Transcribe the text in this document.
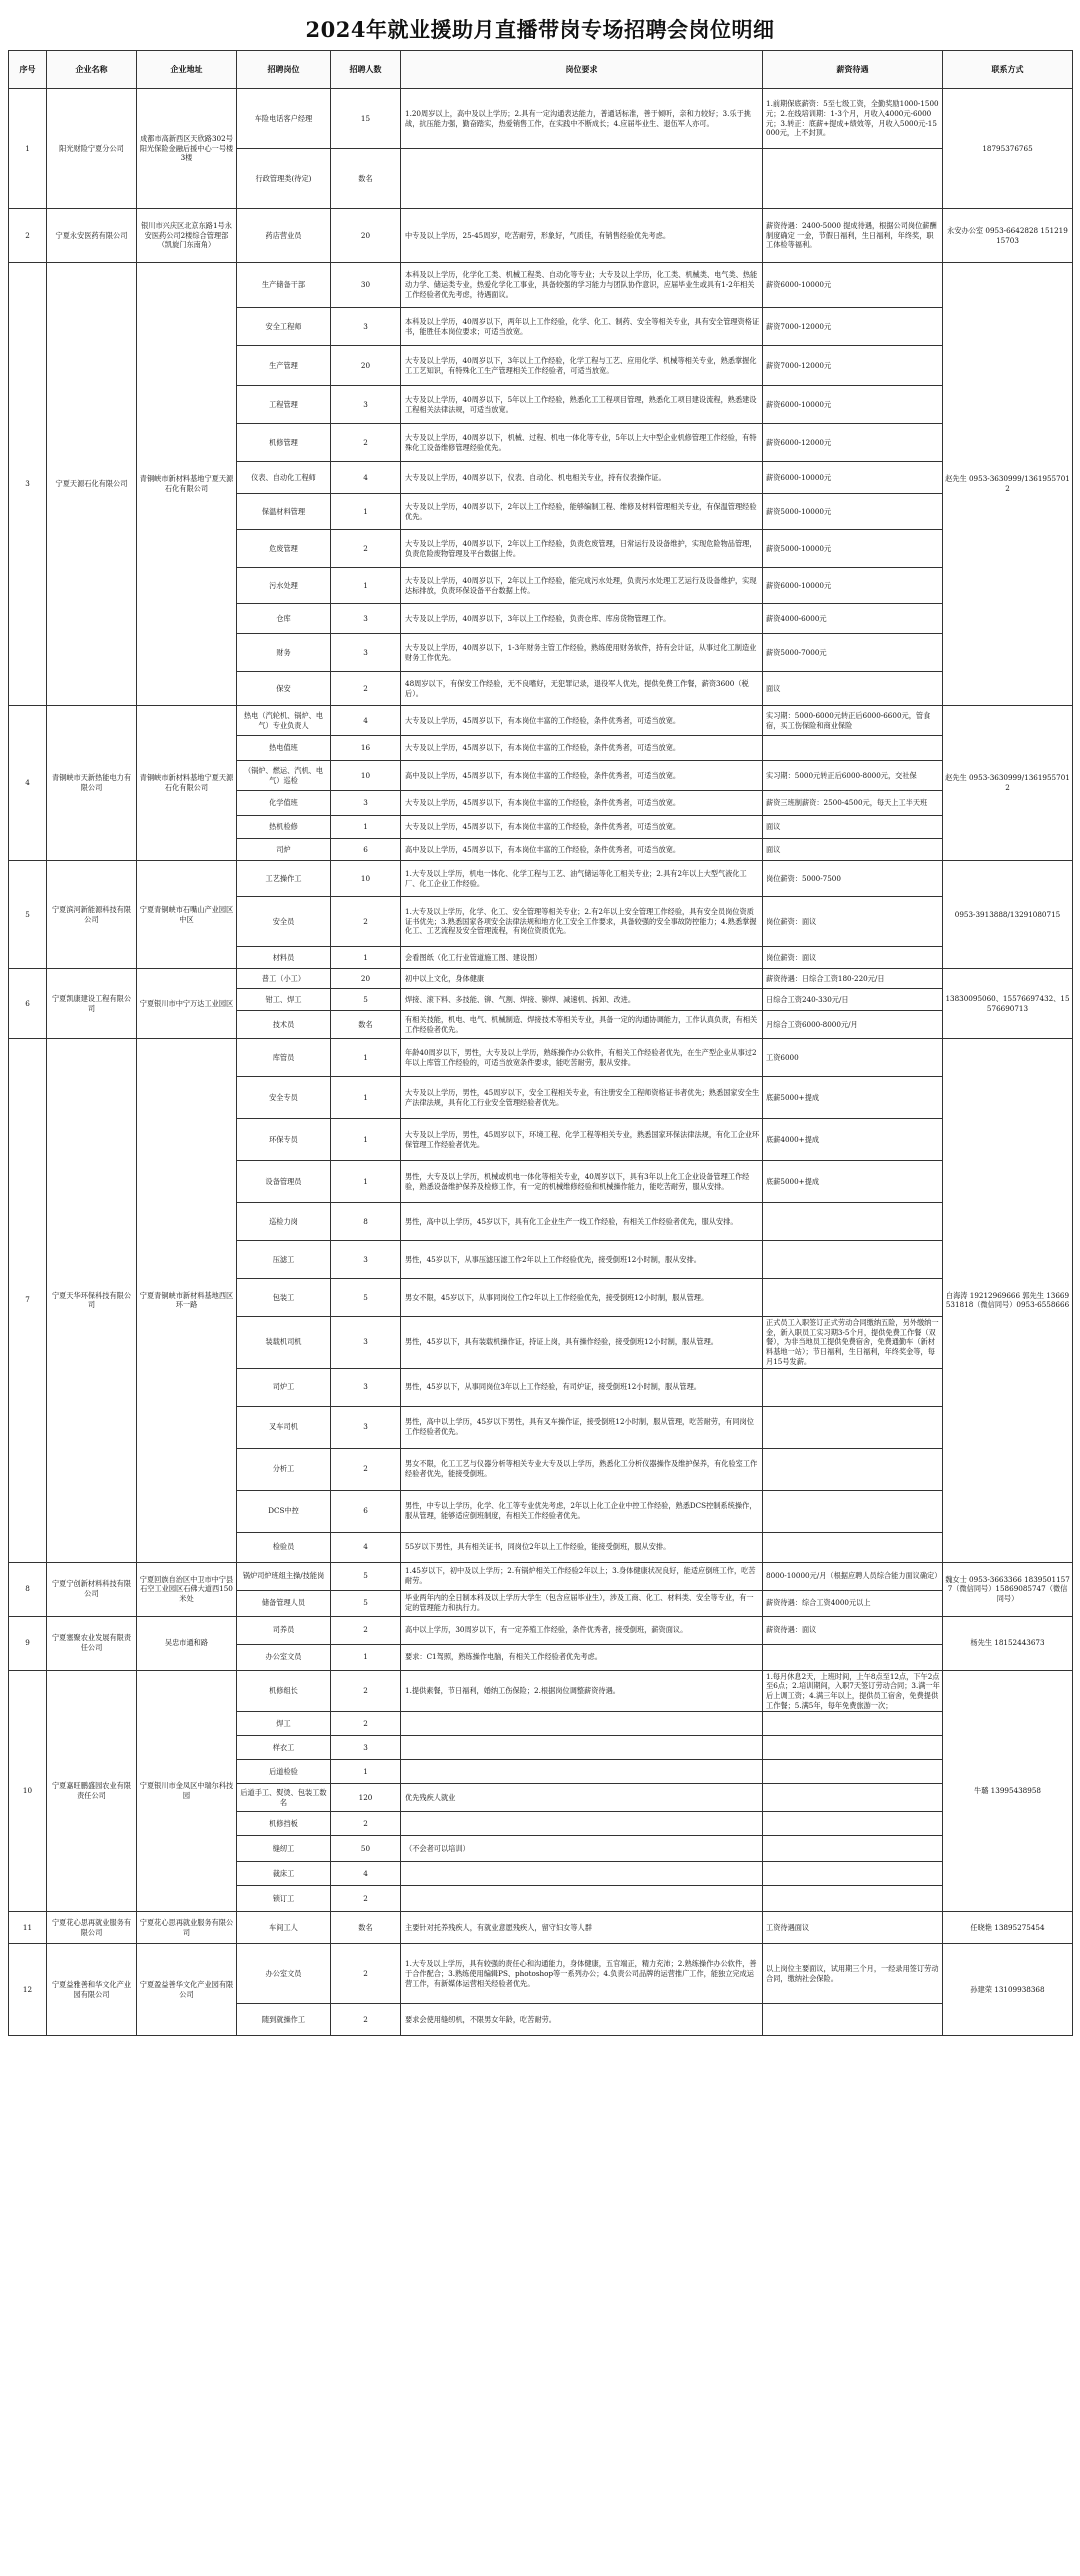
2024年就业援助月直播带岗专场招聘会岗位明细
序号	企业名称	企业地址	招聘岗位	招聘人数	岗位要求	薪资待遇	联系方式
1	阳光财险宁夏分公司	成都市高新西区天欣路302号阳光保险金融后援中心一号楼3楼	车险电话客户经理	15	1.20周岁以上，高中及以上学历；2.具有一定沟通表达能力，普通话标准，善于倾听，亲和力较好；3.乐于挑战，抗压能力强，勤奋踏实，热爱销售工作，在实践中不断成长；4.应届毕业生、退伍军人亦可。	1.前期保底薪资：5至七级工资，全勤奖励1000-1500元；2.在线培训期：1-3个月，月收入4000元-6000元；3.转正：底薪+提成+绩效等，月收入5000元-15000元，上不封顶。	18795376765
			行政管理类(待定)	数名			
2	宁夏永安医药有限公司	银川市兴庆区北京东路1号永安医药公司2楼综合管理部（凯旋门东南角）	药店营业员	20	中专及以上学历，25-45周岁，吃苦耐劳，形象好，气质佳，有销售经验优先考虑。	薪资待遇：2400-5000 提成待遇，根据公司岗位薪酬制度确定 一金，节假日福利，生日福利，年终奖，职工体检等福利。	永安办公室 0953-6642828 15121915703
3	宁夏天源石化有限公司	青铜峡市新材料基地宁夏天源石化有限公司	生产储备干部	30	本科及以上学历，化学化工类、机械工程类、自动化等专业；大专及以上学历，化工类、机械类、电气类、热能动力学、储运类专业，热爱化学化工事业，具备较强的学习能力与团队协作意识，应届毕业生或具有1-2年相关工作经验者优先考虑，待遇面议。	薪资6000-10000元	赵先生 0953-3630999/13619557012
			安全工程师	3	本科及以上学历，40周岁以下，两年以上工作经验，化学、化工、制药、安全等相关专业，具有安全管理资格证书，能胜任本岗位要求；可适当放宽。	薪资7000-12000元	
			生产管理	20	大专及以上学历，40周岁以下，3年以上工作经验，化学工程与工艺、应用化学、机械等相关专业，熟悉掌握化工工艺知识，有特殊化工生产管理相关工作经验者，可适当放宽。	薪资7000-12000元	
			工程管理	3	大专及以上学历，40周岁以下，5年以上工作经验，熟悉化工工程项目管理，熟悉化工项目建设流程，熟悉建设工程相关法律法规，可适当放宽。	薪资6000-10000元	
			机修管理	2	大专及以上学历，40周岁以下，机械、过程、机电一体化等专业，5年以上大中型企业机修管理工作经验，有特殊化工设备维修管理经验优先。	薪资6000-12000元	
			仪表、自动化工程师	4	大专及以上学历，40周岁以下，仪表、自动化、机电相关专业，持有仪表操作证。	薪资6000-10000元	
			保温材料管理	1	大专及以上学历，40周岁以下，2年以上工作经验，能够编制工程、维修及材料管理相关专业，有保温管理经验优先。	薪资5000-10000元	
			危废管理	2	大专及以上学历，40周岁以下，2年以上工作经验，负责危废管理，日常运行及设备维护，实现危险物品管理，负责危险废物管理及平台数据上传。	薪资5000-10000元	
			污水处理	1	大专及以上学历，40周岁以下，2年以上工作经验，能完成污水处理，负责污水处理工艺运行及设备维护，实现达标排放，负责环保设备平台数据上传。	薪资6000-10000元	
			仓库	3	大专及以上学历，40周岁以下，3年以上工作经验，负责仓库、库房货物管理工作。	薪资4000-6000元	
			财务	3	大专及以上学历，40周岁以下，1-3年财务主管工作经验，熟练使用财务软件，持有会计证，从事过化工制造业财务工作优先。	薪资5000-7000元	
			保安	2	48周岁以下，有保安工作经验，无不良嗜好，无犯罪记录，退役军人优先，提供免费工作餐，薪资3600（税后）。	面议	
4	青铜峡市天新热能电力有限公司	青铜峡市新材料基地宁夏天源石化有限公司	热电（汽轮机、锅炉、电气）专业负责人	4	大专及以上学历，45周岁以下，有本岗位丰富的工作经验，条件优秀者，可适当放宽。	实习期：5000-6000元转正后6000-6600元，管食宿，买工伤保险和商业保险	赵先生 0953-3630999/13619557012
			热电值班	16	大专及以上学历，45周岁以下，有本岗位丰富的工作经验，条件优秀者，可适当放宽。		
			（锅炉、燃运、汽机、电气）巡检	10	高中及以上学历，45周岁以下，有本岗位丰富的工作经验，条件优秀者，可适当放宽。	实习期：5000元转正后6000-8000元，交社保	
			化学值班	3	大专及以上学历，45周岁以下，有本岗位丰富的工作经验，条件优秀者，可适当放宽。	薪资三班制薪资：2500-4500元，每天上工半天班	
			热机检修	1	大专及以上学历，45周岁以下，有本岗位丰富的工作经验，条件优秀者，可适当放宽。	面议	
			司炉	6	高中及以上学历，45周岁以下，有本岗位丰富的工作经验，条件优秀者，可适当放宽。	面议	
5	宁夏滨河新能源科技有限公司	宁夏青铜峡市石嘴山产业园区中区	工艺操作工	10	1.大专及以上学历，机电一体化、化学工程与工艺、油气储运等化工相关专业；2.具有2年以上大型气液化工厂、化工企业工作经验。	岗位薪资：5000-7500	0953-3913888/13291080715
			安全员	2	1.大专及以上学历，化学、化工、安全管理等相关专业；2.有2年以上安全管理工作经验，具有安全员岗位资质证书优先；3.熟悉国家各项安全法律法规和地方化工安全工作要求，具备较强的安全事故防控能力；4.熟悉掌握化工、工艺流程及安全管理流程，有岗位资质优先。	岗位薪资：面议	
			材料员	1	会看图纸（化工行业管道施工图、建设图）	岗位薪资：面议	
6	宁夏凯康建设工程有限公司	宁夏银川市中宁万达工业园区	普工（小工）	20	初中以上文化，身体健康	薪资待遇：日综合工资180-220元/日	13830095060、15576697432、15576690713
			钳工、焊工	5	焊接、滚下料、多技能、铆、气割、焊接、铆焊、减速机、拆卸、改进。	日综合工资240-330元/日	
			技术员	数名	有相关技能，机电、电气、机械制造、焊接技术等相关专业，具备一定的沟通协调能力，工作认真负责，有相关工作经验者优先。	月综合工资6000-8000元/月	
7	宁夏天华环保科技有限公司	宁夏青铜峡市新材料基地西区环一路	库管员	1	年龄40周岁以下，男性，大专及以上学历，熟练操作办公软件，有相关工作经验者优先，在生产型企业从事过2年以上库管工作经验的，可适当放宽条件要求，能吃苦耐劳，服从安排。	工资6000	白海涛 19212969666 郭先生 13669531818（微信同号）0953-6558666
			安全专员	1	大专及以上学历，男性，45周岁以下，安全工程相关专业，有注册安全工程师资格证书者优先；熟悉国家安全生产法律法规，具有化工行业安全管理经验者优先。	底薪5000+提成	
			环保专员	1	大专及以上学历，男性，45周岁以下，环境工程、化学工程等相关专业，熟悉国家环保法律法规，有化工企业环保管理工作经验者优先。	底薪4000+提成	
			设备管理员	1	男性，大专及以上学历，机械或机电一体化等相关专业，40周岁以下，具有3年以上化工企业设备管理工作经验，熟悉设备维护保养及检修工作，有一定的机械维修经验和机械操作能力，能吃苦耐劳，服从安排。	底薪5000+提成	
			巡检力岗	8	男性，高中以上学历，45岁以下，具有化工企业生产一线工作经验，有相关工作经验者优先，服从安排。		
			压滤工	3	男性，45岁以下，从事压滤压滤工作2年以上工作经验优先，接受倒班12小时制，服从安排。		
			包装工	5	男女不限，45岁以下，从事同岗位工作2年以上工作经验优先，接受倒班12小时制，服从管理。		
			装载机司机	3	男性，45岁以下，具有装载机操作证，持证上岗，具有操作经验，接受倒班12小时制，服从管理。	正式员工入职签订正式劳动合同缴纳五险，另外缴纳一金，新入职员工实习期3-5个月，提供免费工作餐（双餐），为非当地员工提供免费宿舍，免费通勤车（新材料基地一站）；节日福利，生日福利，年终奖金等，每月15号发薪。	
			司炉工	3	男性，45岁以下，从事同岗位3年以上工作经验，有司炉证，接受倒班12小时制，服从管理。		
			叉车司机	3	男性，高中以上学历，45岁以下男性，具有叉车操作证，接受倒班12小时制，服从管理，吃苦耐劳，有同岗位工作经验者优先。		
			分析工	2	男女不限，化工工艺与仪器分析等相关专业大专及以上学历，熟悉化工分析仪器操作及维护保养，有化验室工作经验者优先，能接受倒班。		
			DCS中控	6	男性，中专以上学历，化学、化工等专业优先考虑，2年以上化工企业中控工作经验，熟悉DCS控制系统操作，服从管理，能够适应倒班制度，有相关工作经验者优先。		
			检验员	4	55岁以下男性，具有相关证书，同岗位2年以上工作经验，能接受倒班，服从安排。		
8	宁夏宁创新材料科技有限公司	宁夏回族自治区中卫市中宁县石空工业园区石佛大道西150米处	锅炉司炉班组主操/技能岗	5	1.45岁以下，初中及以上学历；2.有锅炉相关工作经验2年以上；3.身体健康状况良好，能适应倒班工作，吃苦耐劳。	8000-10000元/月（根据应聘人员综合能力面议确定）	魏女士 0953-3663366 18395011577（微信同号）15869085747（微信同号）
			储备管理人员	5	毕业两年内的全日制本科及以上学历大学生（包含应届毕业生），涉及工商、化工、材料类、安全等专业，有一定的管理能力和执行力。	薪资待遇：综合工资4000元以上	
9	宁夏塞聚农业发展有限责任公司	吴忠市通和路	司养员	2	高中以上学历，30周岁以下，有一定养殖工作经验，条件优秀者，接受倒班，薪资面议。	薪资待遇：面议	杨先生 18152443673
			办公室文员	1	要求：C1驾照，熟练操作电脑，有相关工作经验者优先考虑。		
10	宁夏嘉旺鹏盛园农业有限责任公司	宁夏银川市金凤区中瑞尔科技园	机修组长	2	1.提供素餐，节日福利，婚纳工伤保险；2.根据岗位调整薪资待遇。	1.每月休息2天，上班时间，上午8点至12点，下午2点至6点；2.培训期间，入职7天签订劳动合同；3.满一年后上调工资；4.满三年以上，提供员工宿舍，免费提供工作餐；5.满5年，每年免费旅游一次；	牛璐 13995438958
			焊工	2			
			样衣工	3			
			后道检验	1			
			后道手工、熨烫、包装工数名	120	优先残疾人就业		
			机修挡板	2			
			缝纫工	50	（不会者可以培训）		
			裁床工	4			
			锁订工	2			
11	宁夏花心思再就业服务有限公司	宁夏花心思再就业服务有限公司	车间工人	数名	主要针对托养残疾人，有就业意愿残疾人，留守妇女等人群	工资待遇面议	任晓艳 13895275454
12	宁夏益雅善和华文化产业园有限公司	宁夏盈益善华文化产业园有限公司	办公室文员	2	1.大专及以上学历，具有较强的责任心和沟通能力，身体健康，五官端正，精力充沛；2.熟练操作办公软件，善于合作配合；3.熟练使用编辑PS、photoshop等一系列办公；4.负责公司品牌的运营推广工作，能独立完成运营工作，有新媒体运营相关经验者优先。	以上岗位主要面议，试用期三个月，一经录用签订劳动合同，缴纳社会保险。	孙建荣 13109938368
			随到就操作工	2	要求会使用缝纫机，不限男女年龄，吃苦耐劳。		
